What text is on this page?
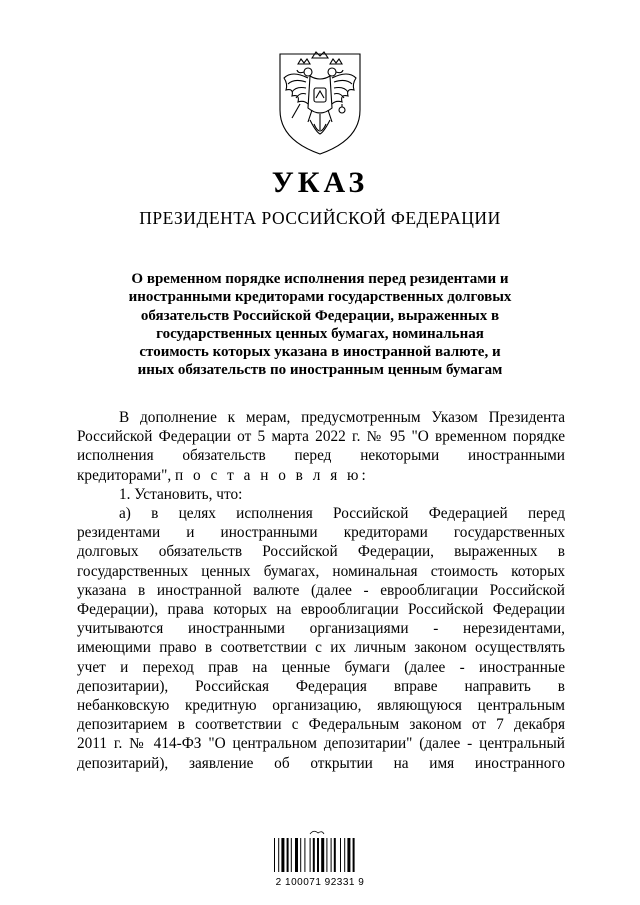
УКАЗ
ПРЕЗИДЕНТА РОССИЙСКОЙ ФЕДЕРАЦИИ
О временном порядке исполнения перед резидентами и
иностранными кредиторами государственных долговых
обязательств Российской Федерации, выраженных в
государственных ценных бумагах, номинальная
стоимость которых указана в иностранной валюте, и
иных обязательств по иностранным ценным бумагам
В дополнение к мерам, предусмотренным Указом Президента
Российской Федерации от 5 марта 2022 г. № 95 "О временном порядке
исполнения обязательств перед некоторыми иностранными
кредиторами", п о с т а н о в л я ю:
1. Установить, что:
а) в целях исполнения Российской Федерацией перед
резидентами и иностранными кредиторами государственных
долговых обязательств Российской Федерации, выраженных в
государственных ценных бумагах, номинальная стоимость которых
указана в иностранной валюте (далее - еврооблигации Российской
Федерации), права которых на еврооблигации Российской Федерации
учитываются иностранными организациями - нерезидентами,
имеющими право в соответствии с их личным законом осуществлять
учет и переход прав на ценные бумаги (далее - иностранные
депозитарии), Российская Федерация вправе направить в
небанковскую кредитную организацию, являющуюся центральным
депозитарием в соответствии с Федеральным законом от 7 декабря
2011 г. № 414-ФЗ "О центральном депозитарии" (далее - центральный
депозитарий), заявление об открытии на имя иностранного
2 100071 92331 9
